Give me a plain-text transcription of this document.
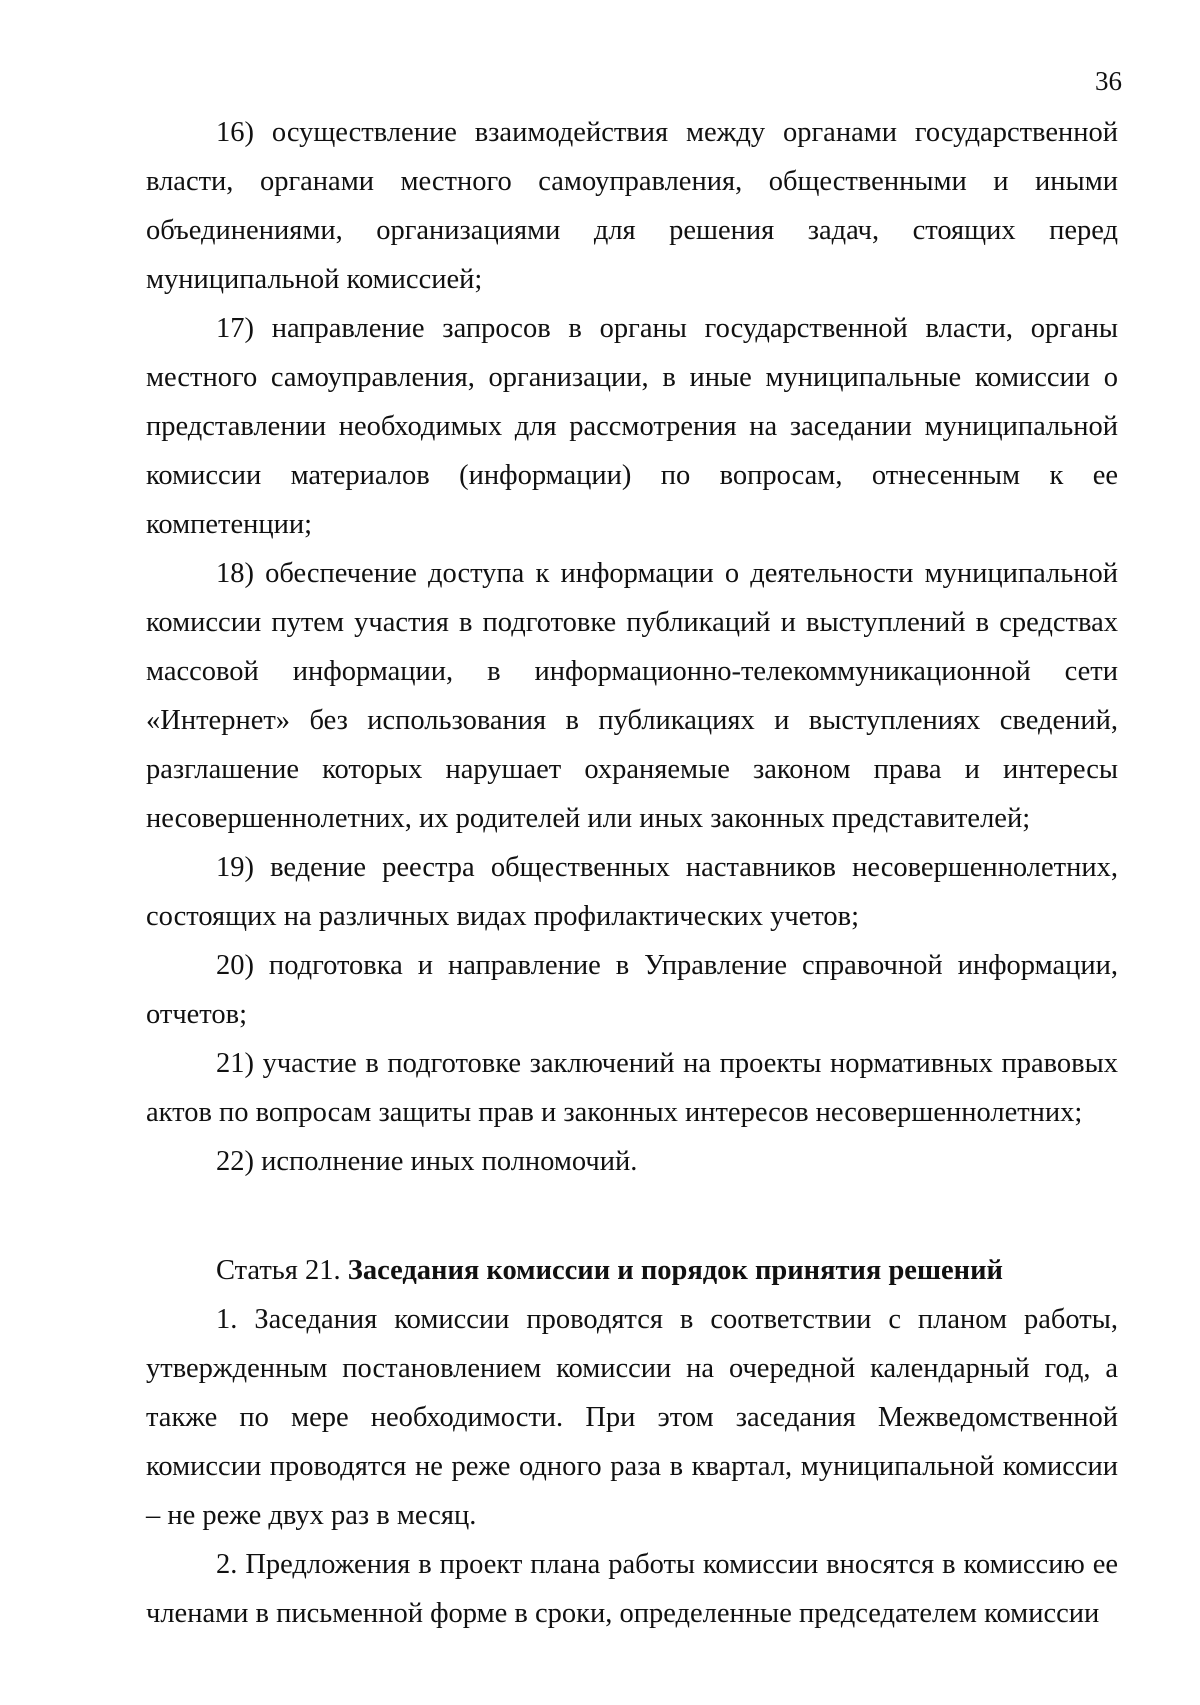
36

16) осуществление взаимодействия между органами государственной власти, органами местного самоуправления, общественными и иными объединениями, организациями для решения задач, стоящих перед муниципальной комиссией;

17) направление запросов в органы государственной власти, органы местного самоуправления, организации, в иные муниципальные комиссии о представлении необходимых для рассмотрения на заседании муниципальной комиссии материалов (информации) по вопросам, отнесенным к ее компетенции;

18) обеспечение доступа к информации о деятельности муниципальной комиссии путем участия в подготовке публикаций и выступлений в средствах массовой информации, в информационно-телекоммуникационной сети «Интернет» без использования в публикациях и выступлениях сведений, разглашение которых нарушает охраняемые законом права и интересы несовершеннолетних, их родителей или иных законных представителей;

19) ведение реестра общественных наставников несовершеннолетних, состоящих на различных видах профилактических учетов;

20) подготовка и направление в Управление справочной информации, отчетов;

21) участие в подготовке заключений на проекты нормативных правовых актов по вопросам защиты прав и законных интересов несовершеннолетних;

22) исполнение иных полномочий.

Статья 21. Заседания комиссии и порядок принятия решений

1. Заседания комиссии проводятся в соответствии с планом работы, утвержденным постановлением комиссии на очередной календарный год, а также по мере необходимости. При этом заседания Межведомственной комиссии проводятся не реже одного раза в квартал, муниципальной комиссии – не реже двух раз в месяц.

2. Предложения в проект плана работы комиссии вносятся в комиссию ее членами в письменной форме в сроки, определенные председателем комиссии
